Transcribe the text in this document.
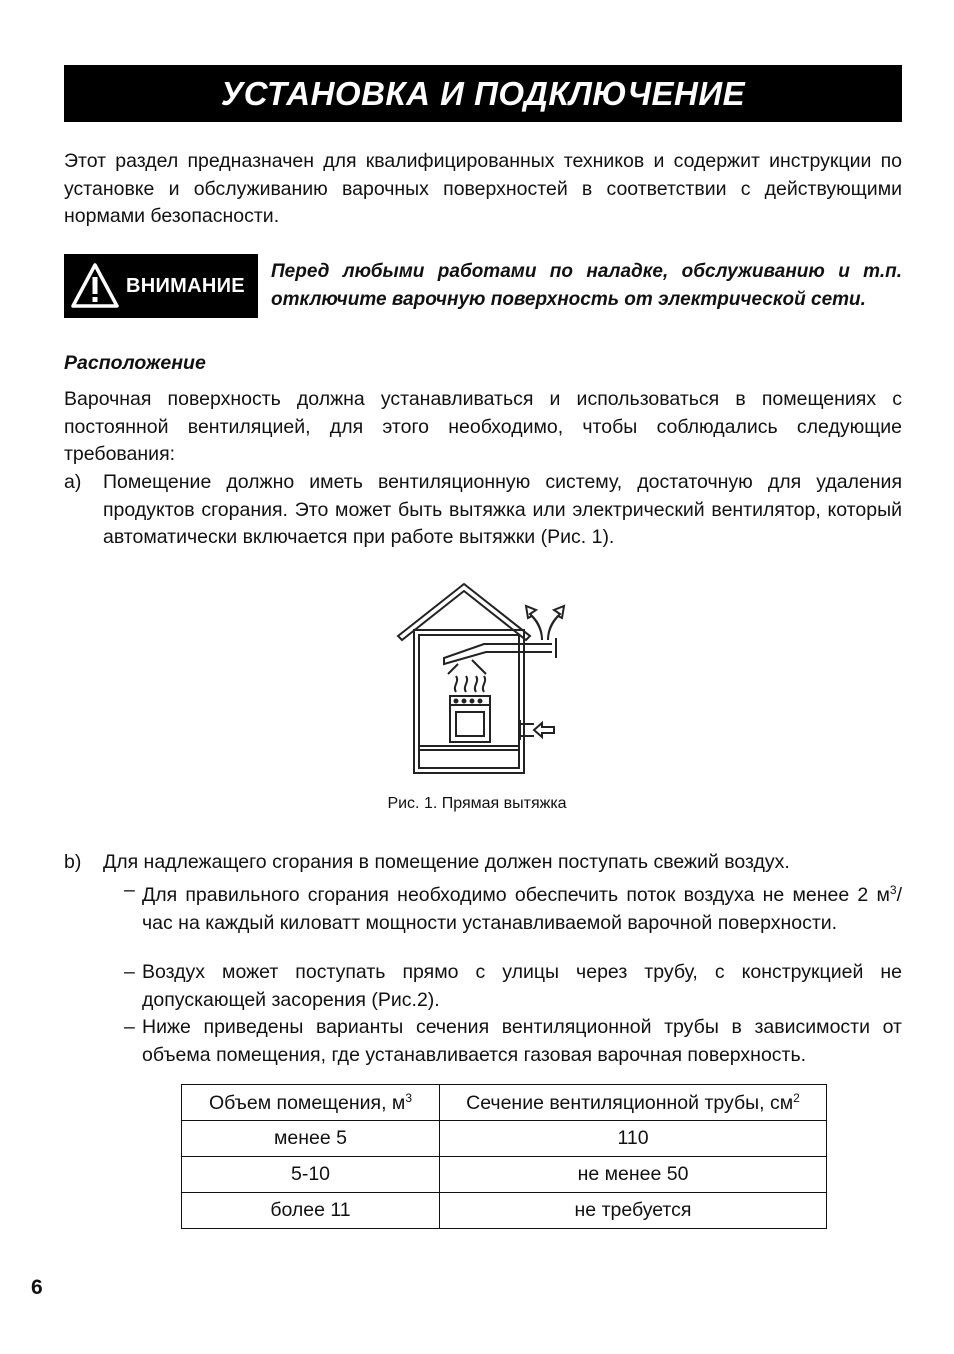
УСТАНОВКА И ПОДКЛЮЧЕНИЕ

Этот раздел предназначен для квалифицированных техников и содержит инструкции по установке и обслуживанию варочных поверхностей в соответствии с действующими нормами безопасности.

ВНИМАНИЕ
Перед любыми работами по наладке, обслуживанию и т.п. отключите варочную поверхность от электрической сети.
Расположение

Варочная поверхность должна устанавливаться и использоваться в помещениях с постоянной вентиляцией, для этого необходимо, чтобы соблюдались следующие требования:

a) Помещение должно иметь вентиляционную систему, достаточную для удаления продуктов сгорания. Это может быть вытяжка или электрический вентилятор, который автоматически включается при работе вытяжки (Рис. 1).
Рис. 1. Прямая вытяжка
b) Для надлежащего сгорания в помещение должен поступать свежий воздух.
– Для правильного сгорания необходимо обеспечить поток воздуха не менее 2 $м^3$/час на каждый киловатт мощности устанавливаемой варочной поверхности.
– Воздух может поступать прямо с улицы через трубу, с конструкцией не допускающей засорения (Рис.2).
– Ниже приведены варианты сечения вентиляционной трубы в зависимости от объема помещения, где устанавливается газовая варочная поверхность.
Объем помещения, $м^3$	Сечение вентиляционной трубы, $см^2$
менее 5	110
5-10	не менее 50
более 11	не требуется
6
